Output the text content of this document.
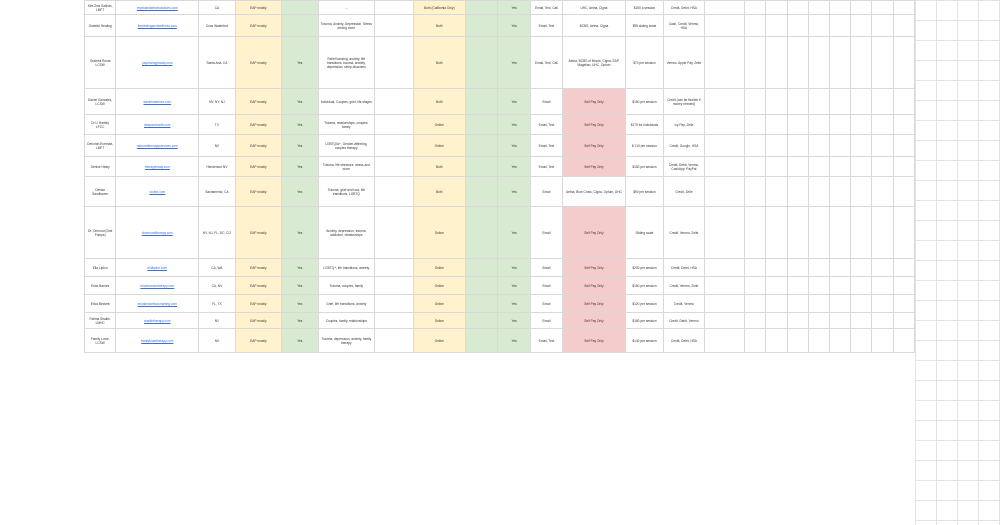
Kim Zins Salinas, LMFT	myrthandistinctsolutions.com	CA	EAP mostly		...		Both (California Only)		Yes	Email, Text, Call	UHC, Aetna, Cigna	$150 a session	Credit, Debit, HSA									
Grateful Healing	thehealingandwellness.com	Coos Waterford	EAP mostly		Trauma, Anxiety, Depression, Stress driving more		Both		Yes	Email, Text	BCBS, Aetna, Cigna	$95 sliding scale	Cash, Credit, Venmo, HSA									
Grateful Roots LCSW	psychologytoday.com	Santa Ana, CA	EAP mostly	Yes	Relief banking, anxiety, life transitions, trauma, anxiety, depression, sleep disorders		Both		Yes	Email, Text, Call	Aetna, BCBS of Illinois, Cigna, EAP, Magellan, UHC, Optum	$70 per session	Venmo, Apple Pay, Zelle									
Daniel Gonzalez, LCSW	danielmartinez.com	NV, NY, NJ	EAP mostly	Yes	Individual, Couples, grief, life stages		Both		Yes	Email	Self Pay Only	$150 per session	Credit (can be flexible if money needed)									
Dr Li Hartley LPCC	deepworkwith.com	TX	EAP mostly	Yes	Trauma, relationships, couples, family		Online		Yes	Email, Text	Self Pay Only	$175 for individuals	Ivy Pay, Zelle									
Deborah Everhart, LMFT	deborahtherapyservices.com	NV	EAP mostly	Yes	LGBTQIA+, Gender-affirming, couples therapy		Online		Yes	Email, Text	Self Pay Only	$ 110 per session	Credit, Google, HSA									
Denise Healy	therapyhealy.com	Henderson NV	EAP mostly	Yes	Trauma, life stressors, stress and more		Both		Yes	Email, Text	Self Pay Only	$150 per session	Credit, Debit, Venmo, CashApp, PayPal									
Denise Sandhaven	rooted.com	Sacramento, CA	EAP mostly	Yes	Trauma, grief and loss, life transitions, LGBTQ		Both		Yes	Email	Aetna, Blue Cross, Cigna, Optum, UHC	$90 per session	Credit, Zelle									
Dr. Ormond (Dmt Frimps)	drormondtherapy.com	NY, NJ, FL, DC, CO	EAP mostly	Yes	Anxiety, depression, trauma, addiction, relationships		Online		Yes	Email	Self Pay Only	Sliding scale	Credit, Venmo, Zelle									
Ella Lipton	ellalipton.com	CA, WA	EAP mostly	Yes	LGBTQ+, life transitions, anxiety		Online		Yes	Email	Self Pay Only	$200 per session	Credit, Debit, HSA									
Erica Barnes	ericabarnestherapy.com	CA, NV	EAP mostly	Yes	Trauma, couples, family		Online		Yes	Email	Self Pay Only	$150 per session	Credit, Venmo, Zelle									
Erica Beckett	ericabeckettcounseling.com	FL, TX	EAP mostly	Yes	Grief, life transitions, anxiety		Online		Yes	Email	Self Pay Only	$120 per session	Credit, Venmo									
Fatima Shaikh, LMHC	shaikhtherapy.com	NY	EAP mostly	Yes	Couples, family, relationships		Online		Yes	Email	Self Pay Only	$180 per session	Credit, Debit, Venmo									
Family Lowe, LCSW	familylowetherapy.com	NV	EAP mostly	Yes	Trauma, depression, anxiety, family therapy		Online		Yes	Email, Text	Self Pay Only	$140 per session	Credit, Debit, HSA									
